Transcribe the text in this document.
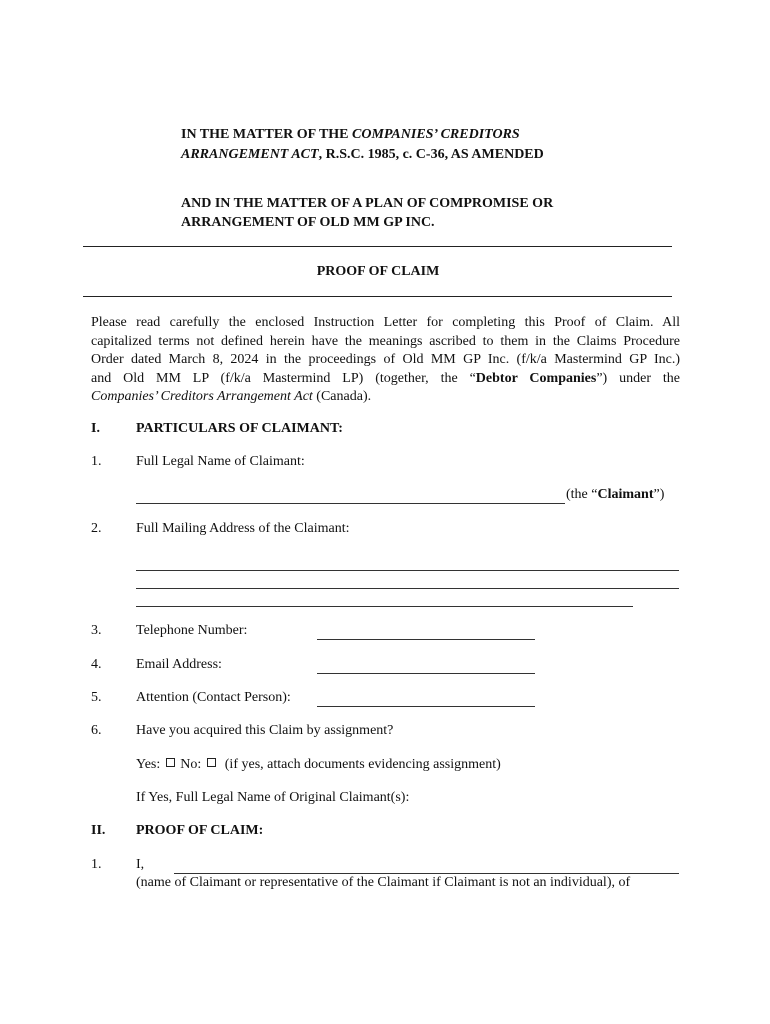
IN THE MATTER OF THE COMPANIES’ CREDITORS
ARRANGEMENT ACT, R.S.C. 1985, c. C-36, AS AMENDED
AND IN THE MATTER OF A PLAN OF COMPROMISE OR
ARRANGEMENT OF OLD MM GP INC.
PROOF OF CLAIM
Please read carefully the enclosed Instruction Letter for completing this Proof of Claim. All
capitalized terms not defined herein have the meanings ascribed to them in the Claims Procedure
Order dated March 8, 2024 in the proceedings of Old MM GP Inc. (f/k/a Mastermind GP Inc.)
and Old MM LP (f/k/a Mastermind LP) (together, the “Debtor Companies”) under the
Companies’ Creditors Arrangement Act (Canada).
I.	PARTICULARS OF CLAIMANT:
1. Full Legal Name of Claimant:
(the “Claimant”)
2. Full Mailing Address of the Claimant:
3. Telephone Number:
4. Email Address:
5. Attention (Contact Person):
6. Have you acquired this Claim by assignment?
Yes: No: (if yes, attach documents evidencing assignment)
If Yes, Full Legal Name of Original Claimant(s):
II. PROOF OF CLAIM:
1. I,
(name of Claimant or representative of the Claimant if Claimant is not an individual), of
